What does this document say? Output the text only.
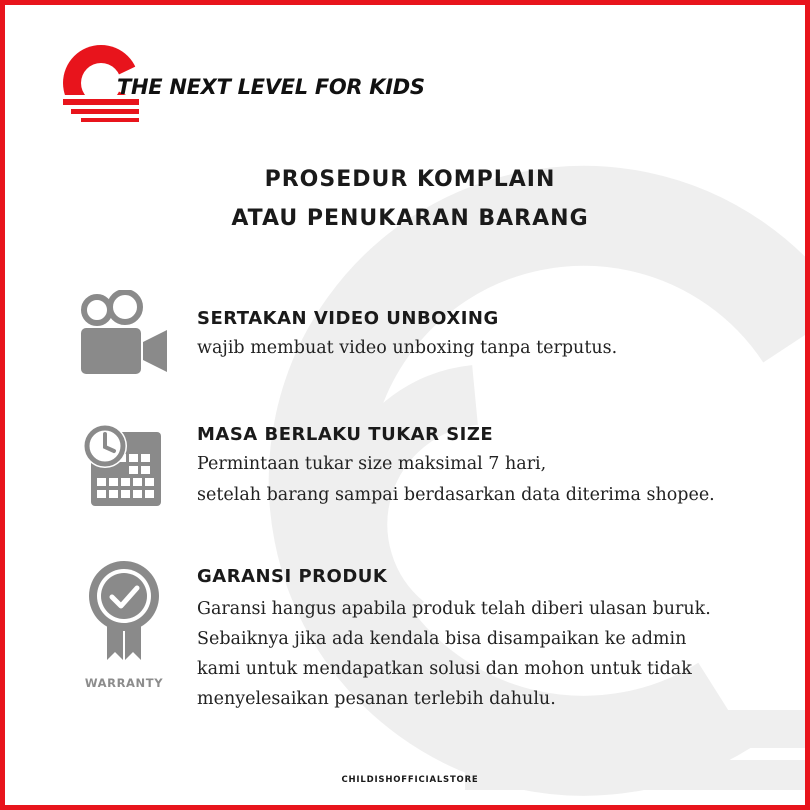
THE NEXT LEVEL FOR KIDS
PROSEDUR KOMPLAIN
ATAU PENUKARAN BARANG
SERTAKAN VIDEO UNBOXING
wajib membuat video unboxing tanpa terputus.
MASA BERLAKU TUKAR SIZE
Permintaan tukar size maksimal 7 hari,
setelah barang sampai berdasarkan data diterima shopee.
WARRANTY
GARANSI PRODUK
Garansi hangus apabila produk telah diberi ulasan buruk.
Sebaiknya jika ada kendala bisa disampaikan ke admin
kami untuk mendapatkan solusi dan mohon untuk tidak
menyelesaikan pesanan terlebih dahulu.
CHILDISHOFFICIALSTORE
